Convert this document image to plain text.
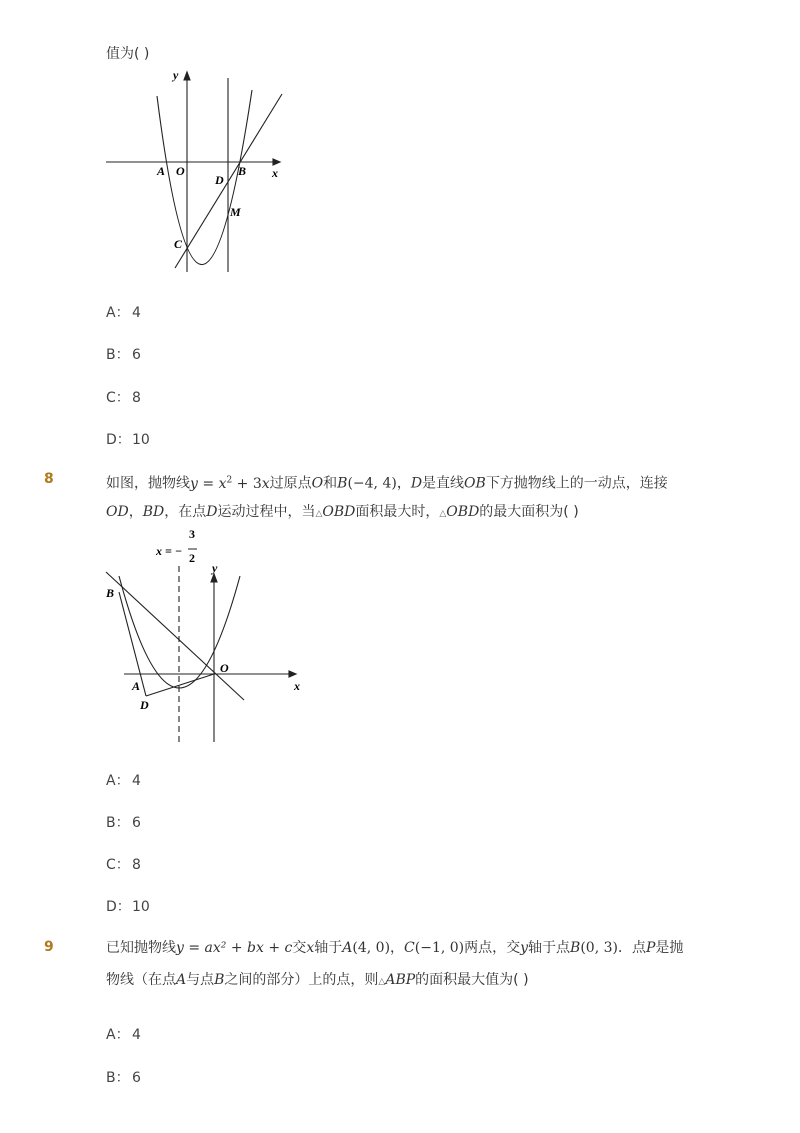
值为( )
y
x
A O
D
B
M
C
A： 4
B： 6
C： 8
D：10
8	如图，抛物线$y = x^2 + 3x$过原点O和B(−4, 4)，D是直线OB下方抛物线上的一动点，连接
OD，BD，在点D运动过程中，当△OBD面积最大时，△OBD的最大面积为( )
x = −
3
2
y
x
O
B
A
D
A： 4
B： 6
C： 8
D：10
9	已知抛物线y = ax² + bx + c交x轴于A(4, 0)，C(−1, 0)两点，交y轴于点B(0, 3)．点P是抛
物线（在点A与点B之间的部分）上的点，则△ABP的面积最大值为( )
A： 4
B： 6
